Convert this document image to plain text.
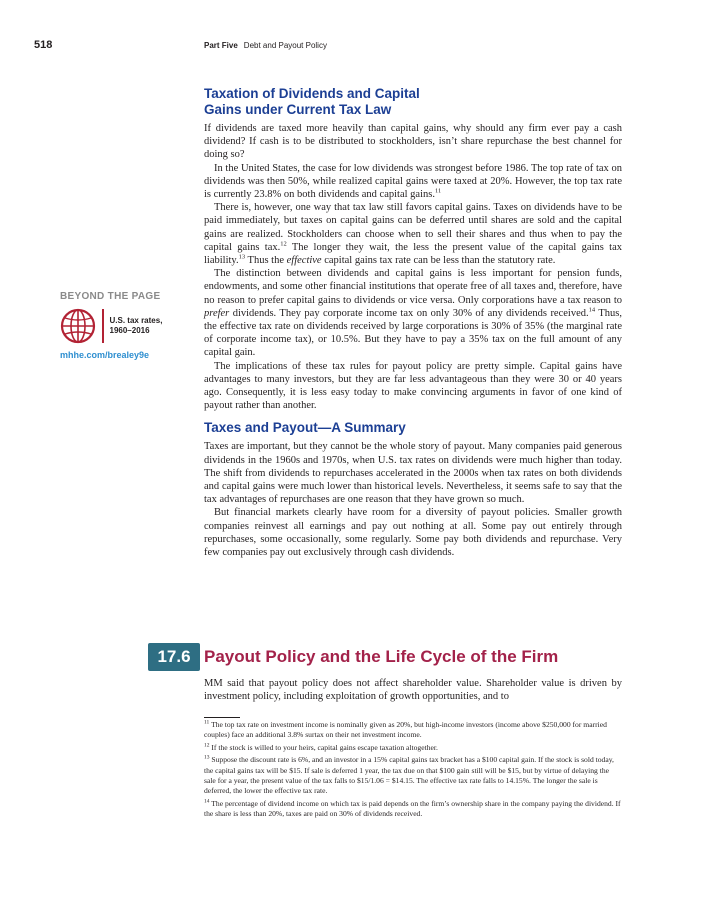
518	Part Five Debt and Payout Policy
Taxation of Dividends and Capital
Gains under Current Tax Law

If dividends are taxed more heavily than capital gains, why should any firm ever pay a cash dividend? If cash is to be distributed to stockholders, isn’t share repurchase the best channel for doing so?

In the United States, the case for low dividends was strongest before 1986. The top rate of tax on dividends was then 50%, while realized capital gains were taxed at 20%. However, the top tax rate is currently 23.8% on both dividends and capital gains.$^{11}$

There is, however, one way that tax law still favors capital gains. Taxes on dividends have to be paid immediately, but taxes on capital gains can be deferred until shares are sold and the capital gains are realized. Stockholders can choose when to sell their shares and thus when to pay the capital gains tax.$^{12}$ The longer they wait, the less the present value of the capital gains tax liability.$^{13}$ Thus the effective capital gains tax rate can be less than the statutory rate.

The distinction between dividends and capital gains is less important for pension funds, endowments, and some other financial institutions that operate free of all taxes and, therefore, have no reason to prefer capital gains to dividends or vice versa. Only corporations have a tax reason to prefer dividends. They pay corporate income tax on only 30% of any dividends received.$^{14}$ Thus, the effective tax rate on dividends received by large corporations is 30% of 35% (the marginal rate of corporate income tax), or 10.5%. But they have to pay a 35% tax on the full amount of any capital gain.

The implications of these tax rules for payout policy are pretty simple. Capital gains have advantages to many investors, but they are far less advantageous than they were 30 or 40 years ago. Consequently, it is less easy today to make convincing arguments in favor of one kind of payout rather than another.

Taxes and Payout—A Summary

Taxes are important, but they cannot be the whole story of payout. Many companies paid generous dividends in the 1960s and 1970s, when U.S. tax rates on dividends were much higher than today. The shift from dividends to repurchases accelerated in the 2000s when tax rates on both dividends and capital gains were much lower than historical levels. Nevertheless, it seems safe to say that the tax advantages of repurchases are one reason that they have grown so much.

But financial markets clearly have room for a diversity of payout policies. Smaller growth companies reinvest all earnings and pay out nothing at all. Some pay out entirely through repurchases, some occasionally, some regularly. Some pay both dividends and repurchase. Very few companies pay out exclusively through cash dividends.

BEYOND THE PAGE
U.S. tax rates,
1960–2016
mhhe.com/brealey9e
17.6 Payout Policy and the Life Cycle of the Firm

MM said that payout policy does not affect shareholder value. Shareholder value is driven by investment policy, including exploitation of growth opportunities, and to

$^{11}$ The top tax rate on investment income is nominally given as 20%, but high-income investors (income above $250,000 for married couples) face an additional 3.8% surtax on their net investment income.

$^{12}$ If the stock is willed to your heirs, capital gains escape taxation altogether.

$^{13}$ Suppose the discount rate is 6%, and an investor in a 15% capital gains tax bracket has a $100 capital gain. If the stock is sold today, the capital gains tax will be $15. If sale is deferred 1 year, the tax due on that $100 gain still will be $15, but by virtue of delaying the sale for a year, the present value of the tax falls to $15/1.06 = $14.15. The effective tax rate falls to 14.15%. The longer the sale is deferred, the lower the effective tax rate.

$^{14}$ The percentage of dividend income on which tax is paid depends on the firm’s ownership share in the company paying the dividend. If the share is less than 20%, taxes are paid on 30% of dividends received.
